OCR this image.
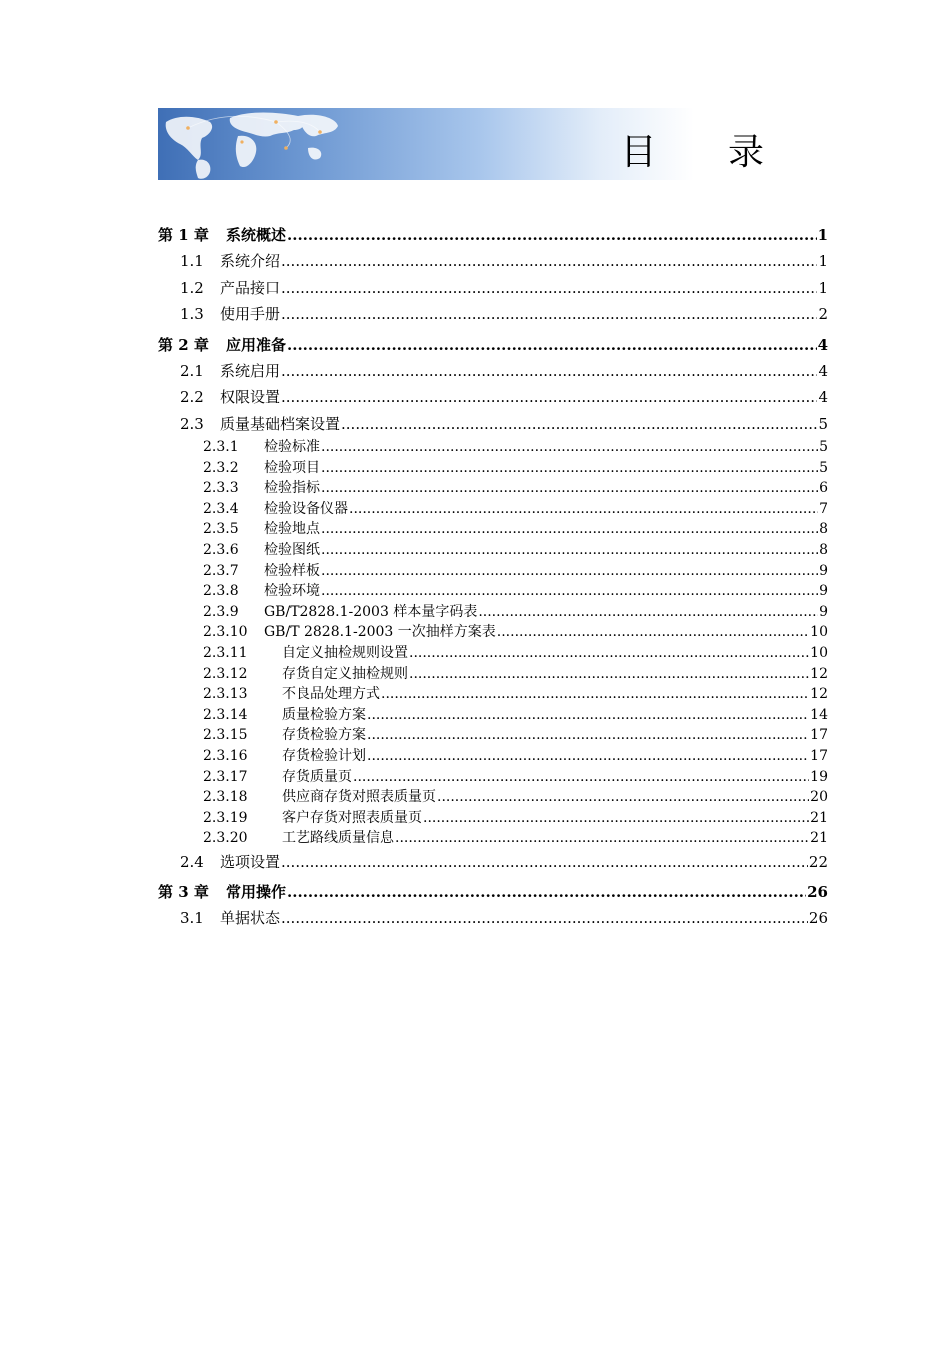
目 录
第 1 章	系统概述 .....	1
1.1	系统介绍 .....	1
1.2	产品接口 .....	1
1.3	使用手册 .....	2
第 2 章	应用准备 .....	4
2.1	系统启用 .....	4
2.2	权限设置 .....	4
2.3	质量基础档案设置 .....	5
2.3.1	检验标准 .....	5
2.3.2	检验项目 .....	5
2.3.3	检验指标 .....	6
2.3.4	检验设备仪器 .....	7
2.3.5	检验地点 .....	8
2.3.6	检验图纸 .....	8
2.3.7	检验样板 .....	9
2.3.8	检验环境 .....	9
2.3.9	GB/T2828.1-2003 样本量字码表 .....	9
2.3.10	GB/T 2828.1-2003 一次抽样方案表 .....	10
2.3.11	自定义抽检规则设置 .....	10
2.3.12	存货自定义抽检规则 .....	12
2.3.13	不良品处理方式 .....	12
2.3.14	质量检验方案 .....	14
2.3.15	存货检验方案 .....	17
2.3.16	存货检验计划 .....	17
2.3.17	存货质量页 .....	19
2.3.18	供应商存货对照表质量页 .....	20
2.3.19	客户存货对照表质量页 .....	21
2.3.20	工艺路线质量信息 .....	21
2.4	选项设置 .....	22
第 3 章	常用操作 .....	26
3.1	单据状态 .....	26
